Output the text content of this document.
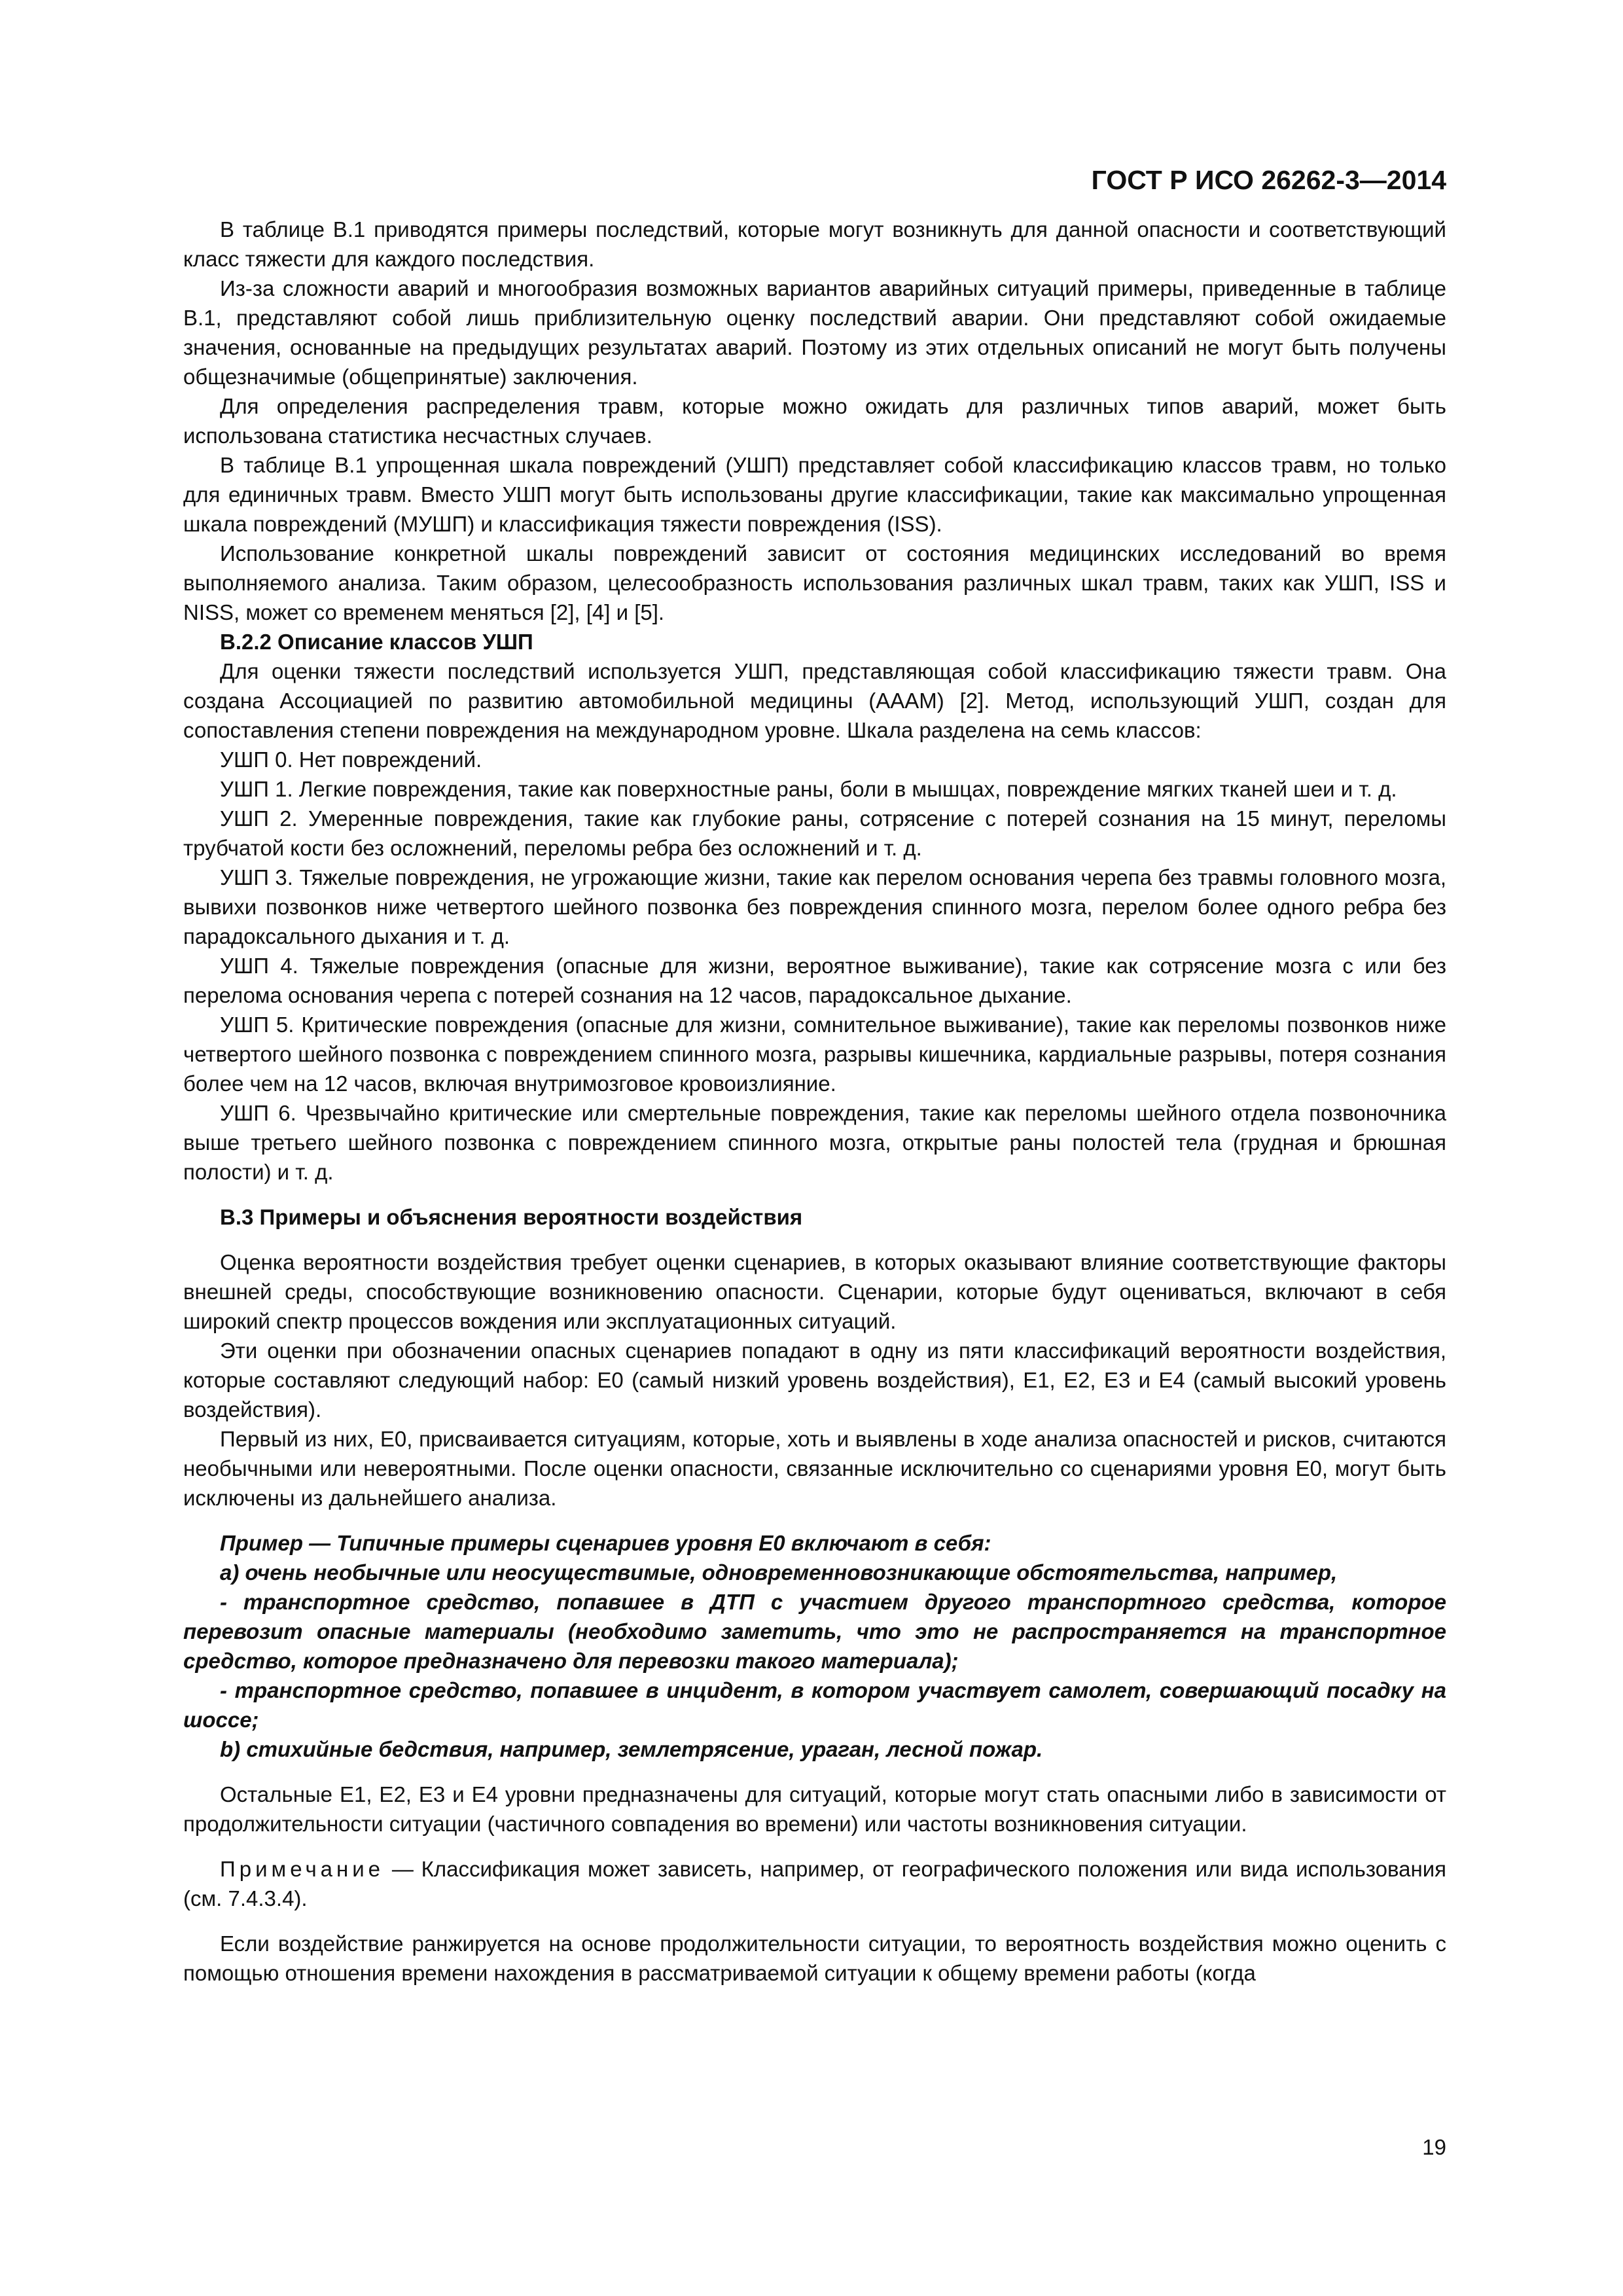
ГОСТ Р ИСО 26262-3—2014

В таблице В.1 приводятся примеры последствий, которые могут возникнуть для данной опасности и соответствующий класс тяжести для каждого последствия.

Из-за сложности аварий и многообразия возможных вариантов аварийных ситуаций примеры, приведенные в таблице В.1, представляют собой лишь приблизительную оценку последствий аварии. Они представляют собой ожидаемые значения, основанные на предыдущих результатах аварий. Поэтому из этих отдельных описаний не могут быть получены общезначимые (общепринятые) заключения.

Для определения распределения травм, которые можно ожидать для различных типов аварий, может быть использована статистика несчастных случаев.

В таблице В.1 упрощенная шкала повреждений (УШП) представляет собой классификацию классов травм, но только для единичных травм. Вместо УШП могут быть использованы другие классификации, такие как максимально упрощенная шкала повреждений (МУШП) и классификация тяжести повреждения (ISS).

Использование конкретной шкалы повреждений зависит от состояния медицинских исследований во время выполняемого анализа. Таким образом, целесообразность использования различных шкал травм, таких как УШП, ISS и NISS, может со временем меняться [2], [4] и [5].

В.2.2 Описание классов УШП

Для оценки тяжести последствий используется УШП, представляющая собой классификацию тяжести травм. Она создана Ассоциацией по развитию автомобильной медицины (AAAM) [2]. Метод, использующий УШП, создан для сопоставления степени повреждения на международном уровне. Шкала разделена на семь классов:

УШП 0. Нет повреждений.

УШП 1. Легкие повреждения, такие как поверхностные раны, боли в мышцах, повреждение мягких тканей шеи и т. д.

УШП 2. Умеренные повреждения, такие как глубокие раны, сотрясение с потерей сознания на 15 минут, переломы трубчатой кости без осложнений, переломы ребра без осложнений и т. д.

УШП 3. Тяжелые повреждения, не угрожающие жизни, такие как перелом основания черепа без травмы головного мозга, вывихи позвонков ниже четвертого шейного позвонка без повреждения спинного мозга, перелом более одного ребра без парадоксального дыхания и т. д.

УШП 4. Тяжелые повреждения (опасные для жизни, вероятное выживание), такие как сотрясение мозга с или без перелома основания черепа с потерей сознания на 12 часов, парадоксальное дыхание.

УШП 5. Критические повреждения (опасные для жизни, сомнительное выживание), такие как переломы позвонков ниже четвертого шейного позвонка с повреждением спинного мозга, разрывы кишечника, кардиальные разрывы, потеря сознания более чем на 12 часов, включая внутримозговое кровоизлияние.

УШП 6. Чрезвычайно критические или смертельные повреждения, такие как переломы шейного отдела позвоночника выше третьего шейного позвонка с повреждением спинного мозга, открытые раны полостей тела (грудная и брюшная полости) и т. д.

В.3 Примеры и объяснения вероятности воздействия

Оценка вероятности воздействия требует оценки сценариев, в которых оказывают влияние соответствующие факторы внешней среды, способствующие возникновению опасности. Сценарии, которые будут оцениваться, включают в себя широкий спектр процессов вождения или эксплуатационных ситуаций.

Эти оценки при обозначении опасных сценариев попадают в одну из пяти классификаций вероятности воздействия, которые составляют следующий набор: E0 (самый низкий уровень воздействия), E1, E2, E3 и E4 (самый высокий уровень воздействия).

Первый из них, E0, присваивается ситуациям, которые, хоть и выявлены в ходе анализа опасностей и рисков, считаются необычными или невероятными. После оценки опасности, связанные исключительно со сценариями уровня E0, могут быть исключены из дальнейшего анализа.

Пример — Типичные примеры сценариев уровня E0 включают в себя:

а) очень необычные или неосуществимые, одновременновозникающие обстоятельства, например,

- транспортное средство, попавшее в ДТП с участием другого транспортного средства, которое перевозит опасные материалы (необходимо заметить, что это не распространяется на транспортное средство, которое предназначено для перевозки такого материала);

- транспортное средство, попавшее в инцидент, в котором участвует самолет, совершающий посадку на шоссе;

b) стихийные бедствия, например, землетрясение, ураган, лесной пожар.

Остальные E1, E2, E3 и E4 уровни предназначены для ситуаций, которые могут стать опасными либо в зависимости от продолжительности ситуации (частичного совпадения во времени) или частоты возникновения ситуации.

Примечание — Классификация может зависеть, например, от географического положения или вида использования (см. 7.4.3.4).

Если воздействие ранжируется на основе продолжительности ситуации, то вероятность воздействия можно оценить с помощью отношения времени нахождения в рассматриваемой ситуации к общему времени работы (когда

19
